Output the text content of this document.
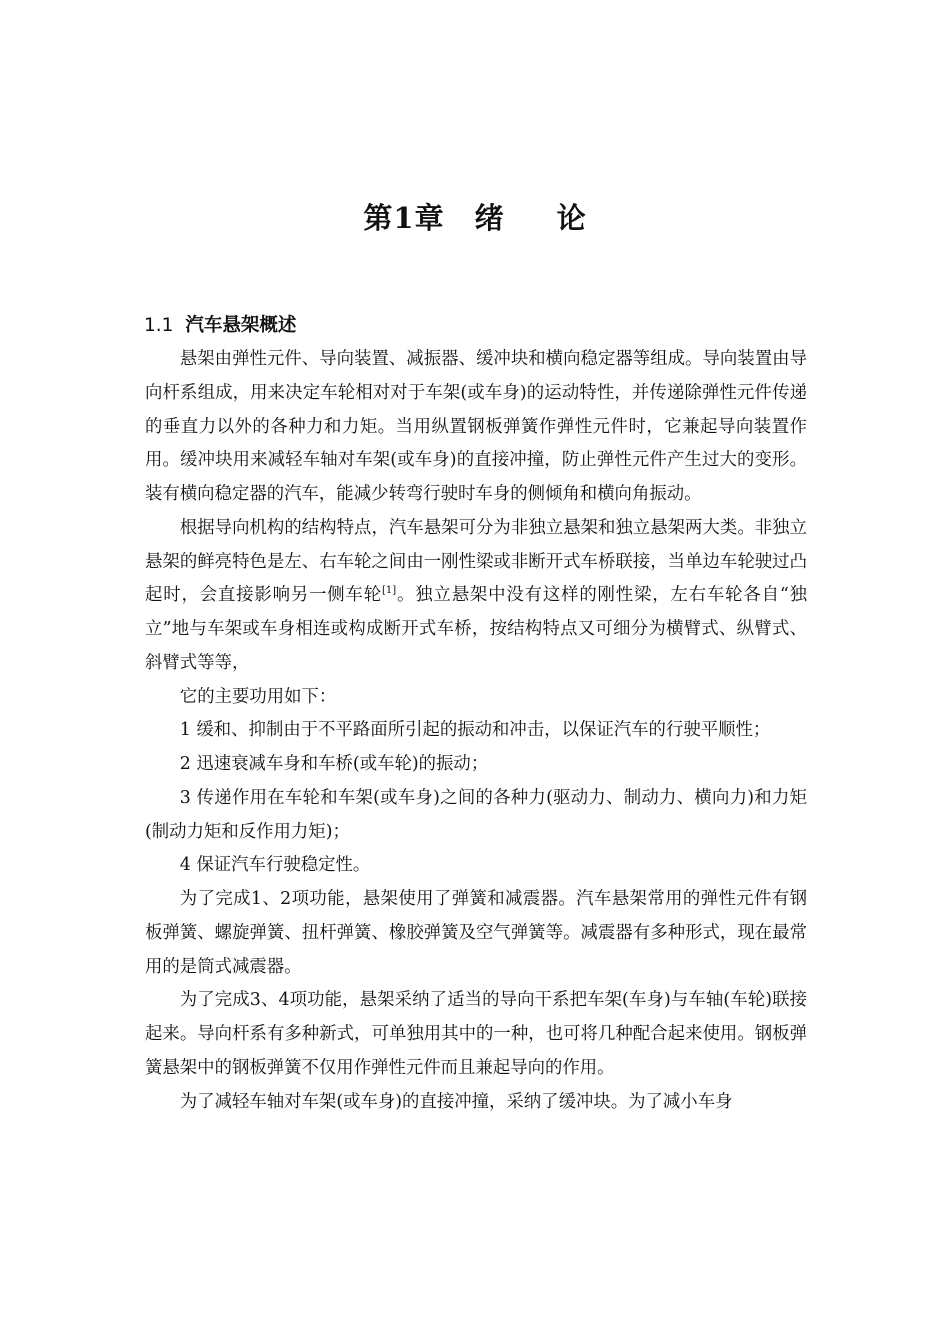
第1章 绪 论
1.1 汽车悬架概述

悬架由弹性元件、导向装置、减振器、缓冲块和横向稳定器等组成。导向装置由导向杆系组成，用来决定车轮相对对于车架(或车身)的运动特性，并传递除弹性元件传递的垂直力以外的各种力和力矩。当用纵置钢板弹簧作弹性元件时，它兼起导向装置作用。缓冲块用来减轻车轴对车架(或车身)的直接冲撞，防止弹性元件产生过大的变形。装有横向稳定器的汽车，能减少转弯行驶时车身的侧倾角和横向角振动。

根据导向机构的结构特点，汽车悬架可分为非独立悬架和独立悬架两大类。非独立悬架的鲜亮特色是左、右车轮之间由一刚性梁或非断开式车桥联接，当单边车轮驶过凸起时，会直接影响另一侧车轮[1]。独立悬架中没有这样的刚性梁，左右车轮各自“独立”地与车架或车身相连或构成断开式车桥，按结构特点又可细分为横臂式、纵臂式、斜臂式等等，

它的主要功用如下：

1 缓和、抑制由于不平路面所引起的振动和冲击，以保证汽车的行驶平顺性；

2 迅速衰减车身和车桥(或车轮)的振动；

3 传递作用在车轮和车架(或车身)之间的各种力(驱动力、制动力、横向力)和力矩(制动力矩和反作用力矩)；

4 保证汽车行驶稳定性。

为了完成1、2项功能，悬架使用了弹簧和减震器。汽车悬架常用的弹性元件有钢板弹簧、螺旋弹簧、扭杆弹簧、橡胶弹簧及空气弹簧等。减震器有多种形式，现在最常用的是筒式减震器。

为了完成3、4项功能，悬架采纳了适当的导向干系把车架(车身)与车轴(车轮)联接起来。导向杆系有多种新式，可单独用其中的一种，也可将几种配合起来使用。钢板弹簧悬架中的钢板弹簧不仅用作弹性元件而且兼起导向的作用。

为了减轻车轴对车架(或车身)的直接冲撞，采纳了缓冲块。为了减小车身
